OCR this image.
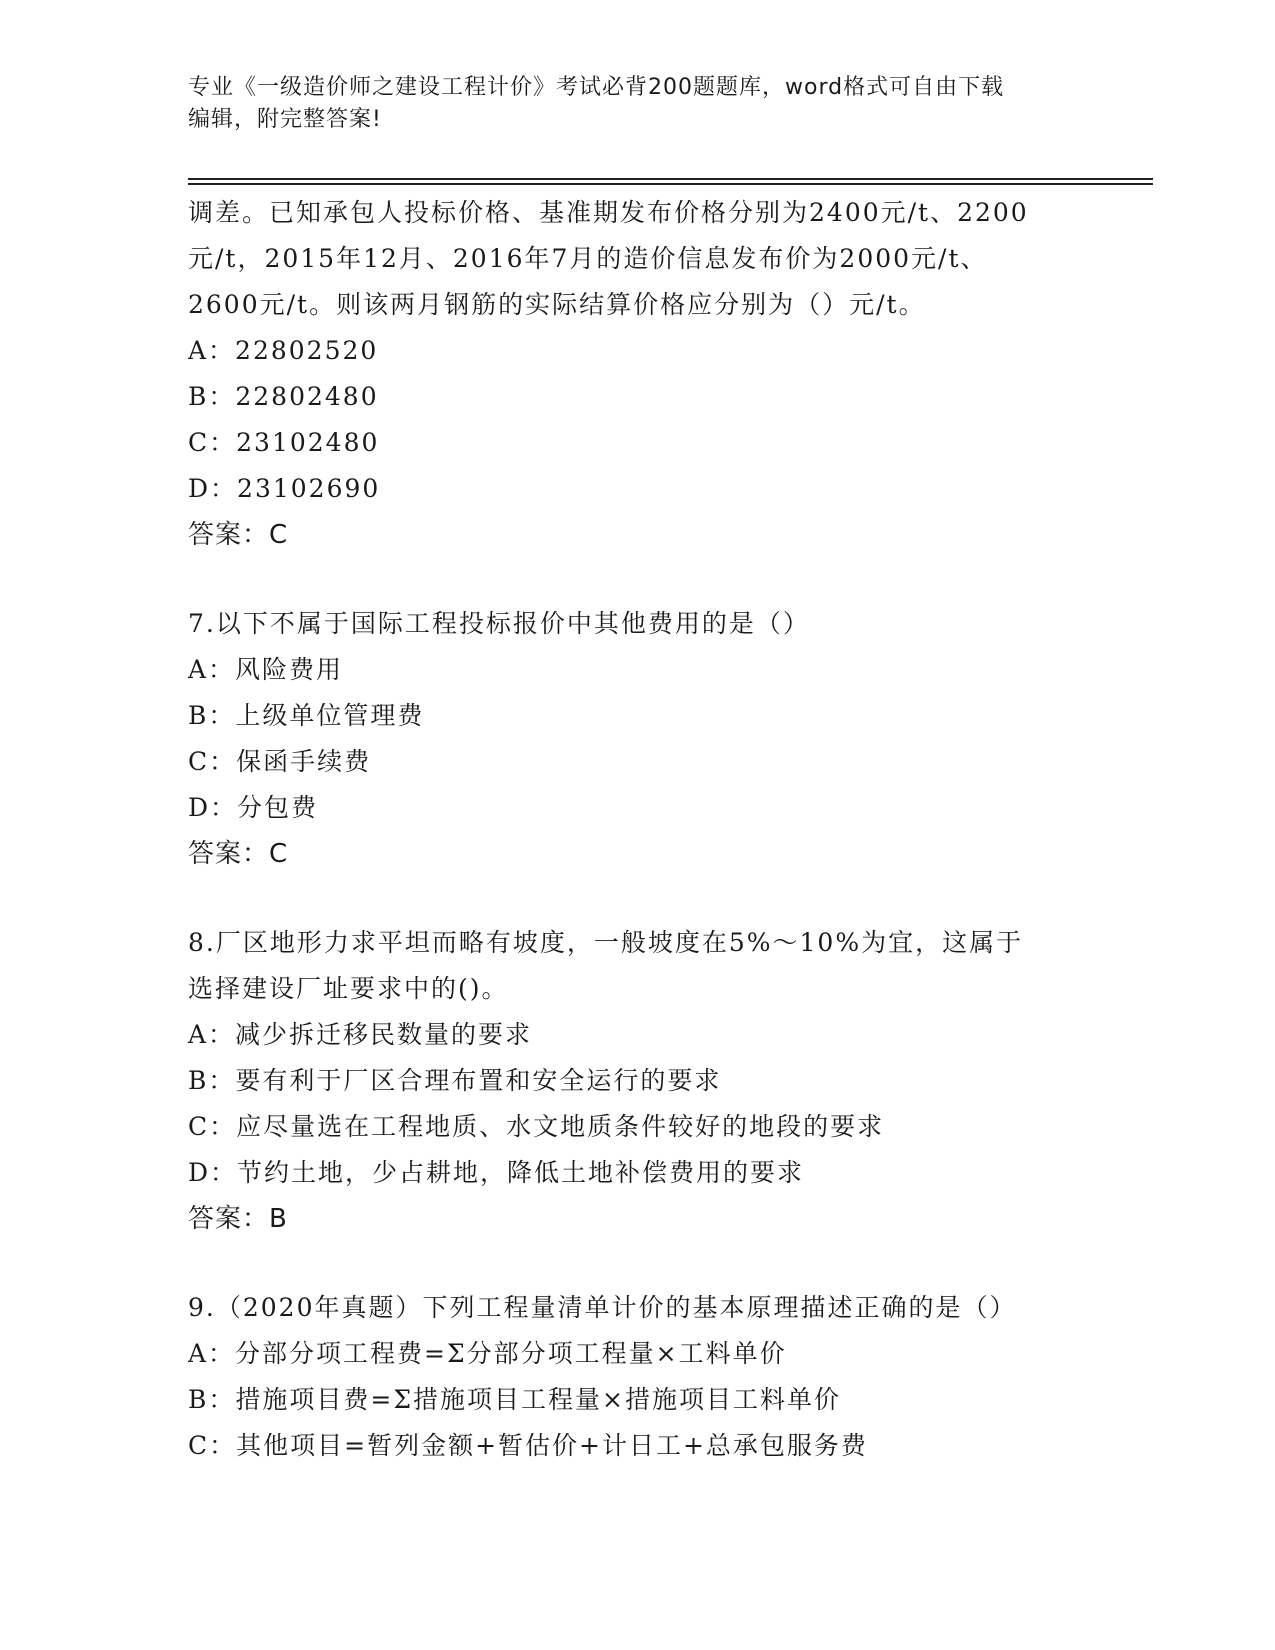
专业《一级造价师之建设工程计价》考试必背200题题库，word格式可自由下载
编辑，附完整答案!
调差。已知承包人投标价格、基准期发布价格分别为2400元/t、2200
元/t，2015年12月、2016年7月的造价信息发布价为2000元/t、
2600元/t。则该两月钢筋的实际结算价格应分别为（）元/t。
A：22802520
B：22802480
C：23102480
D：23102690
答案：C
7.以下不属于国际工程投标报价中其他费用的是（）
A：风险费用
B：上级单位管理费
C：保函手续费
D：分包费
答案：C
8.厂区地形力求平坦而略有坡度，一般坡度在5%～10%为宜，这属于
选择建设厂址要求中的()。
A：减少拆迁移民数量的要求
B：要有利于厂区合理布置和安全运行的要求
C：应尽量选在工程地质、水文地质条件较好的地段的要求
D：节约土地，少占耕地，降低土地补偿费用的要求
答案：B
9.（2020年真题）下列工程量清单计价的基本原理描述正确的是（）
A：分部分项工程费=Σ分部分项工程量×工料单价
B：措施项目费=Σ措施项目工程量×措施项目工料单价
C：其他项目=暂列金额+暂估价+计日工+总承包服务费
